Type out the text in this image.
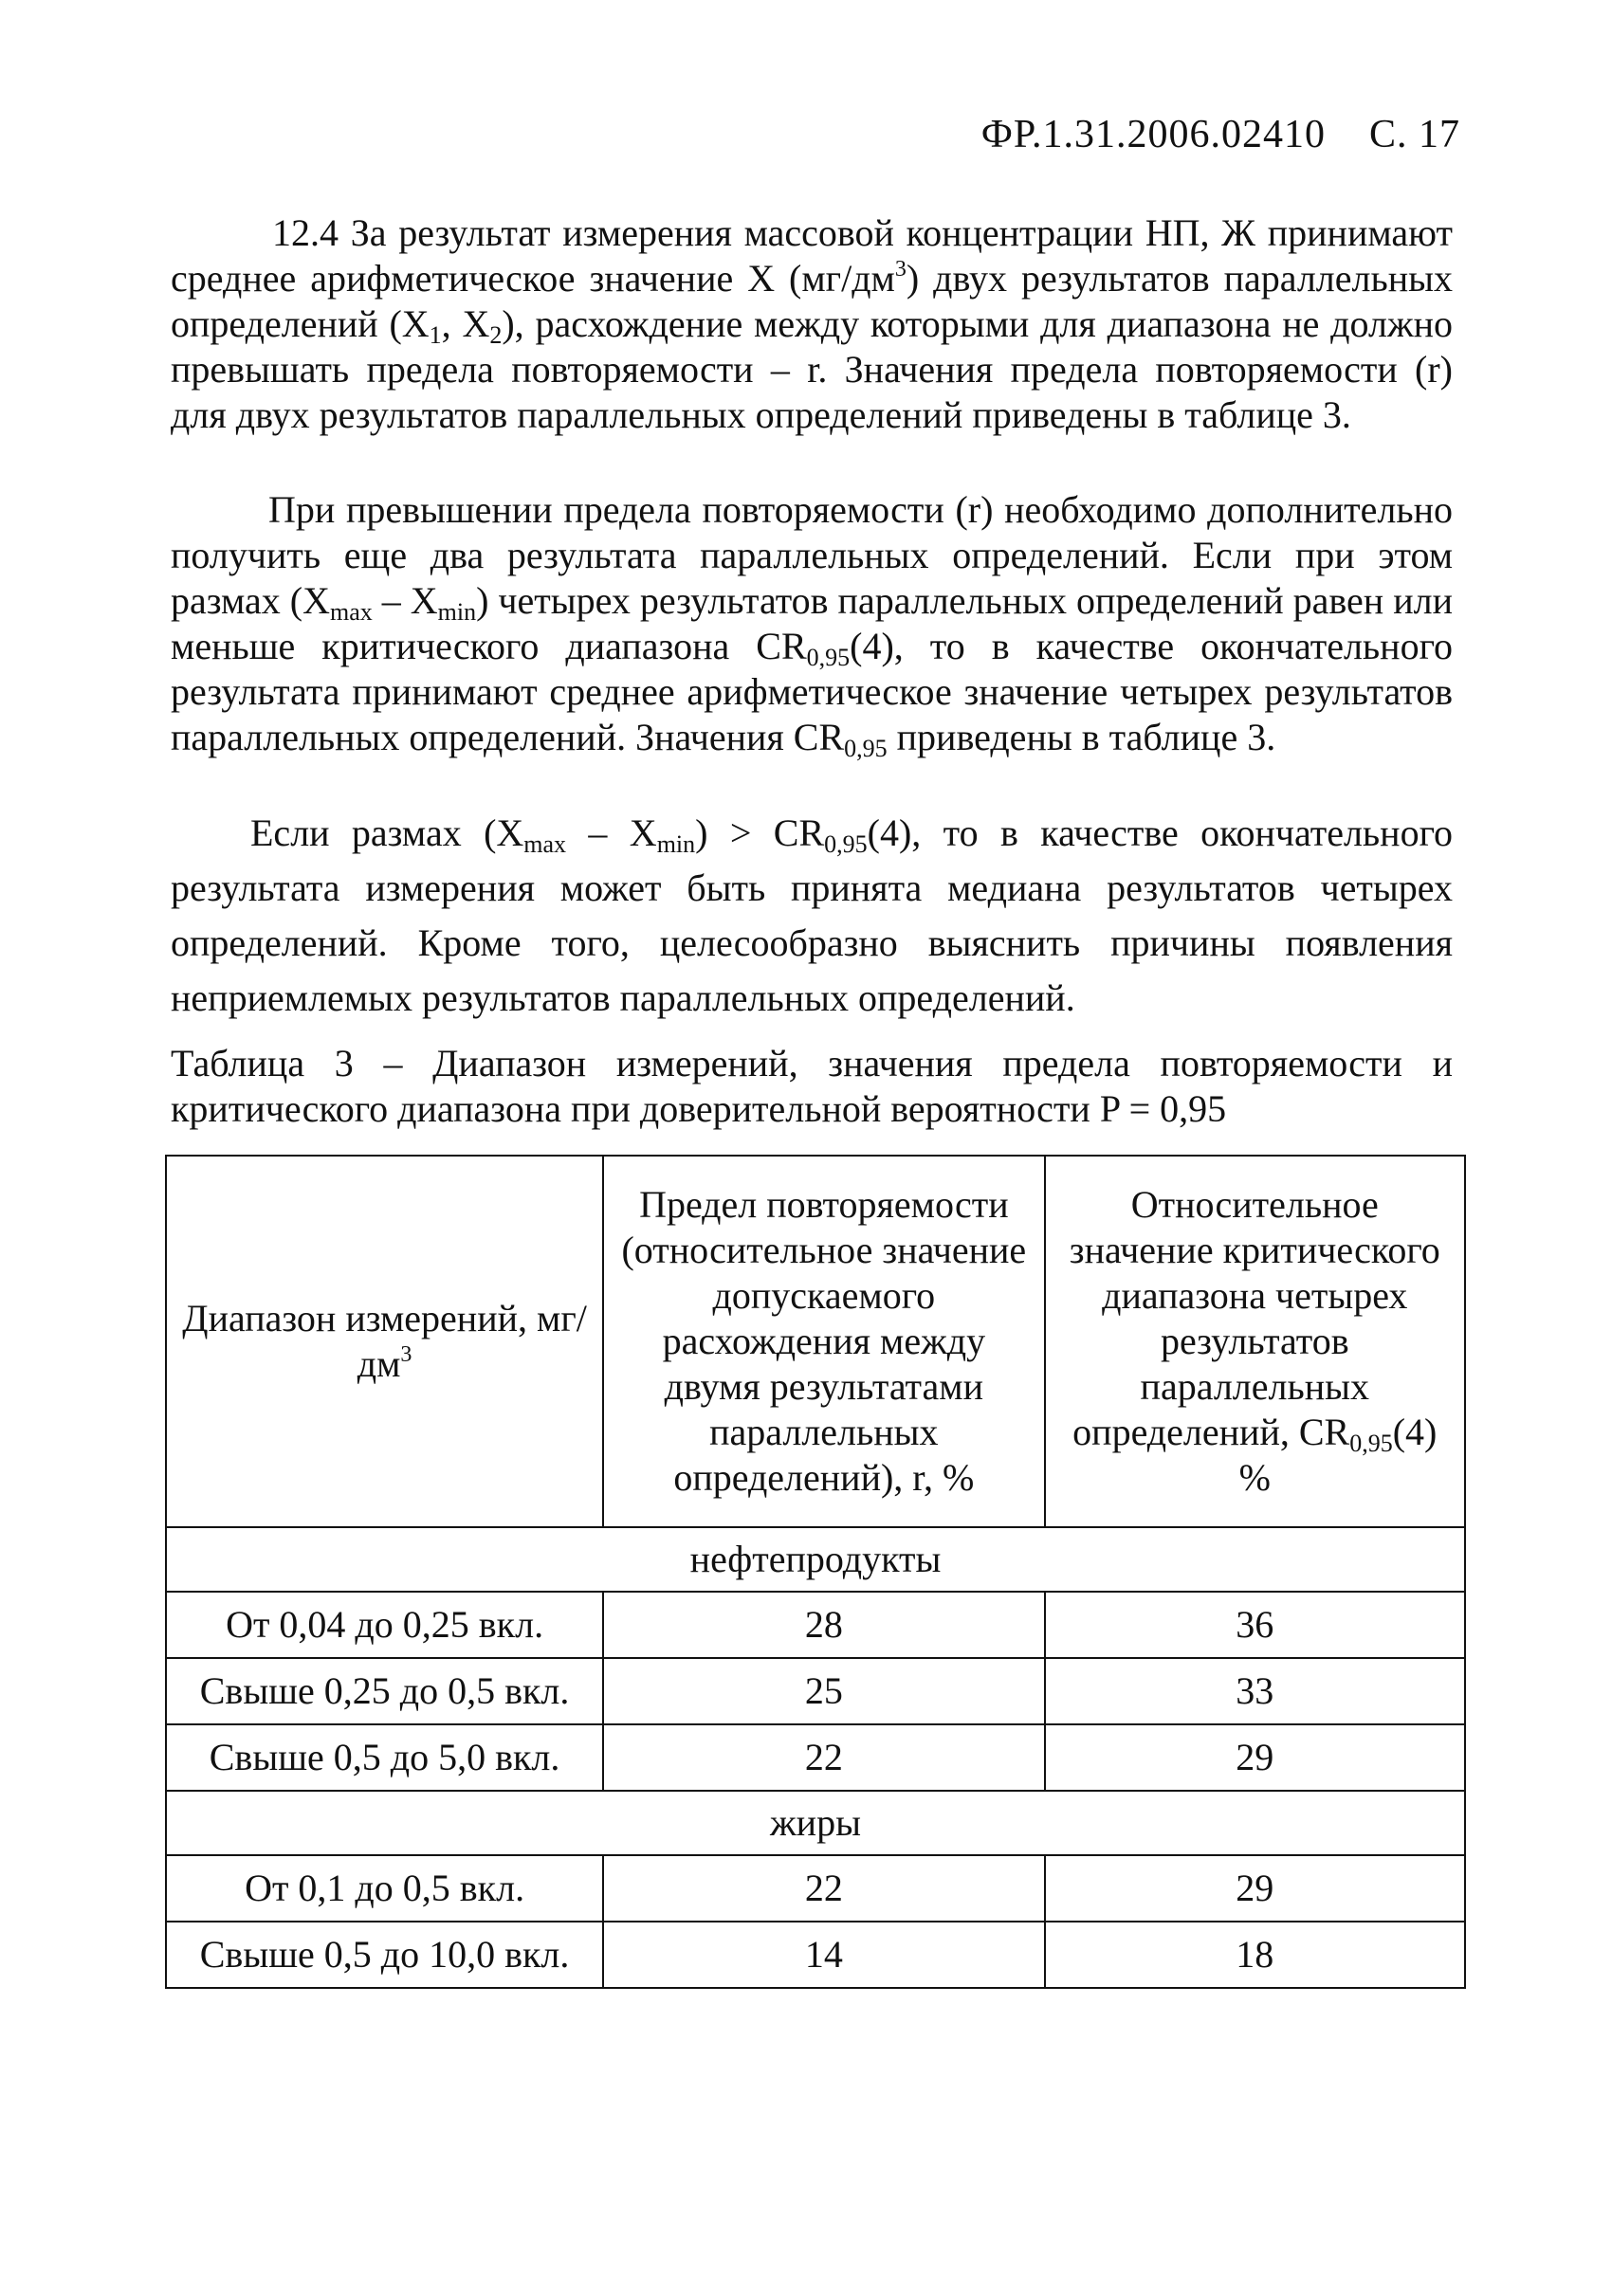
ФР.1.31.2006.02410 С. 17

12.4 За результат измерения массовой концентрации НП, Ж принимают среднее арифметическое значение X $(мг/дм^3)$ двух результатов параллельных определений ($X_1$, $X_2$), расхождение между которыми для диапазона не должно превышать предела повторяемости – r. Значения предела повторяемости (r) для двух результатов параллельных определений приведены в таблице 3.

При превышении предела повторяемости (r) необходимо дополнительно получить еще два результата параллельных определений. Если при этом размах $(X_{max} - X_{min})$ четырех результатов параллельных определений равен или меньше критического диапазона $CR_{0,95}(4)$, то в качестве окончательного результата принимают среднее арифметическое значение четырех результатов параллельных определений. Значения $CR_{0,95}$ приведены в таблице 3.

Если размах $(X_{max} - X_{min}) > CR_{0,95}(4)$, то в качестве окончательного результата измерения может быть принята медиана результатов четырех определений. Кроме того, целесообразно выяснить причины появления неприемлемых результатов параллельных определений.

Таблица 3 – Диапазон измерений, значения предела повторяемости и критического диапазона при доверительной вероятности P = 0,95

Диапазон измерений, $мг/дм^3$	Предел повторяемости (относительное значение допускаемого расхождения между двумя результатами параллельных определений), r, %	Относительное значение критического диапазона четырех результатов параллельных определений, $CR_{0,95}(4)$ %
нефтепродукты		
От 0,04 до 0,25 вкл.	28	36
Свыше 0,25 до 0,5 вкл.	25	33
Свыше 0,5 до 5,0 вкл.	22	29
жиры		
От 0,1 до 0,5 вкл.	22	29
Свыше 0,5 до 10,0 вкл.	14	18
